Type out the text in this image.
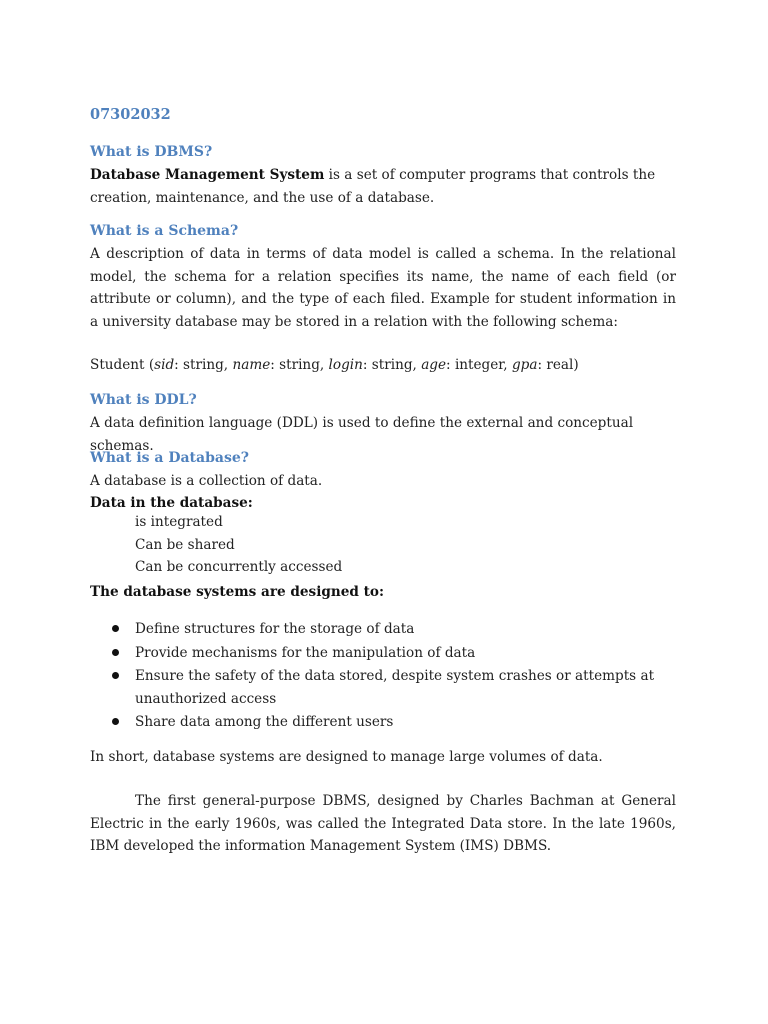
07302032
What is DBMS?
Database Management System is a set of computer programs that controls the creation, maintenance, and the use of a database.
What is a Schema?
A description of data in terms of data model is called a schema. In the relational model, the schema for a relation specifies its name, the name of each field (or attribute or column), and the type of each filed. Example for student information in a university database may be stored in a relation with the following schema:
Student (sid: string, name: string, login: string, age: integer, gpa: real)
What is DDL?
A data definition language (DDL) is used to define the external and conceptual schemas.
What is a Database?
A database is a collection of data.
Data in the database:
is integrated
Can be shared
Can be concurrently accessed
The database systems are designed to:
Define structures for the storage of data
Provide mechanisms for the manipulation of data
Ensure the safety of the data stored, despite system crashes or attempts at unauthorized access
Share data among the different users
In short, database systems are designed to manage large volumes of data.
The first general-purpose DBMS, designed by Charles Bachman at General Electric in the early 1960s, was called the Integrated Data store. In the late 1960s, IBM developed the information Management System (IMS) DBMS.
